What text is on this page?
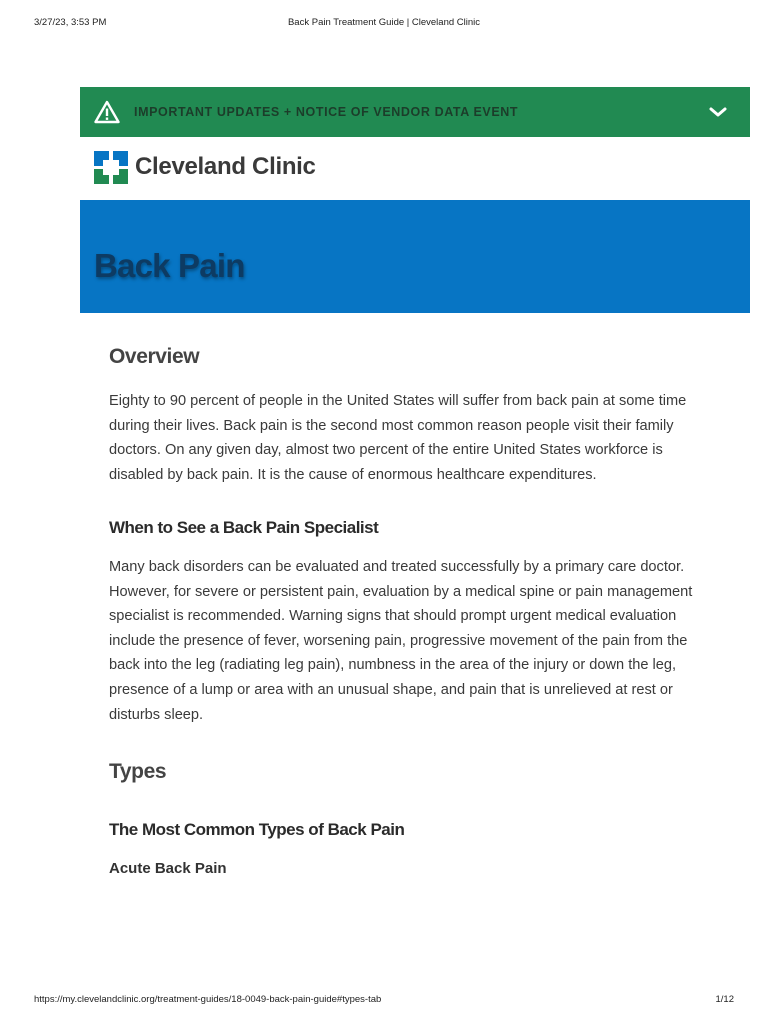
3/27/23, 3:53 PM	Back Pain Treatment Guide | Cleveland Clinic
IMPORTANT UPDATES + NOTICE OF VENDOR DATA EVENT
Cleveland Clinic
Back Pain
Overview

Eighty to 90 percent of people in the United States will suffer from back pain at some time during their lives. Back pain is the second most common reason people visit their family doctors. On any given day, almost two percent of the entire United States workforce is disabled by back pain. It is the cause of enormous healthcare expenditures.

When to See a Back Pain Specialist

Many back disorders can be evaluated and treated successfully by a primary care doctor. However, for severe or persistent pain, evaluation by a medical spine or pain management specialist is recommended. Warning signs that should prompt urgent medical evaluation include the presence of fever, worsening pain, progressive movement of the pain from the back into the leg (radiating leg pain), numbness in the area of the injury or down the leg, presence of a lump or area with an unusual shape, and pain that is unrelieved at rest or disturbs sleep.

Types
The Most Common Types of Back Pain
Acute Back Pain
https://my.clevelandclinic.org/treatment-guides/18-0049-back-pain-guide#types-tab	1/12
